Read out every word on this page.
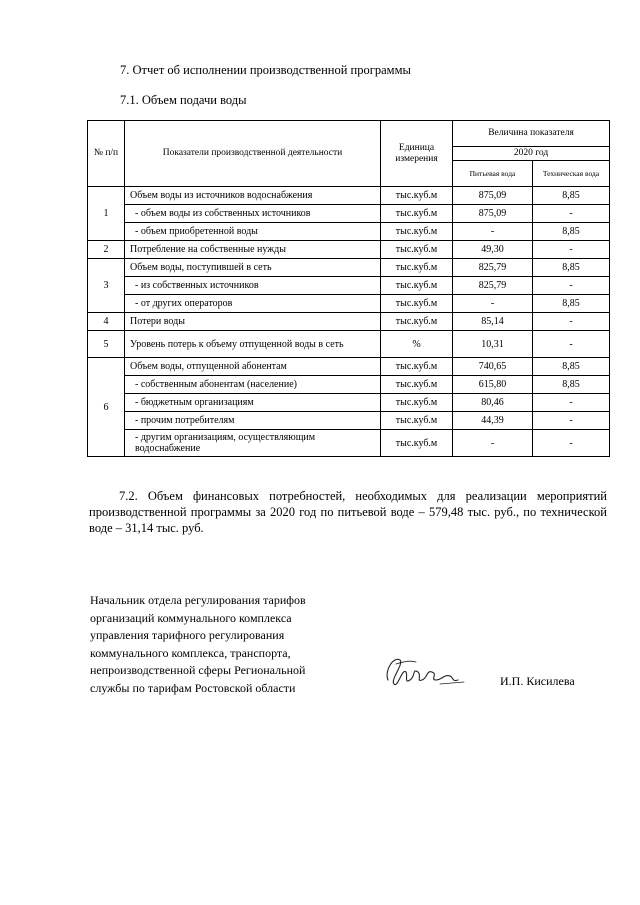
7. Отчет об исполнении производственной программы
7.1. Объем подачи воды
№ п/п	Показатели производственной деятельности	Единица измерения	Величина показателя	
			2020 год	
			Питьевая вода	Техническая вода
1	Объем воды из источников водоснабжения	тыс.куб.м	875,09	8,85
	- объем воды из собственных источников	тыс.куб.м	875,09	-
	- объем приобретенной воды	тыс.куб.м	-	8,85
2	Потребление на собственные нужды	тыс.куб.м	49,30	-
3	Объем воды, поступившей в сеть	тыс.куб.м	825,79	8,85
	- из собственных источников	тыс.куб.м	825,79	-
	- от других операторов	тыс.куб.м	-	8,85
4	Потери воды	тыс.куб.м	85,14	-
5	Уровень потерь к объему отпущенной воды в сеть	%	10,31	-
6	Объем воды, отпущенной абонентам	тыс.куб.м	740,65	8,85
	- собственным абонентам (население)	тыс.куб.м	615,80	8,85
	- бюджетным организациям	тыс.куб.м	80,46	-
	- прочим потребителям	тыс.куб.м	44,39	-
	- другим организациям, осуществляющим водоснабжение	тыс.куб.м	-	-
7.2. Объем финансовых потребностей, необходимых для реализации мероприятий производственной программы за 2020 год по питьевой воде – 579,48 тыс. руб., по технической воде – 31,14 тыс. руб.
Начальник отдела регулирования тарифов
организаций коммунального комплекса
управления тарифного регулирования
коммунального комплекса, транспорта,
непроизводственной сферы Региональной
службы по тарифам Ростовской области	И.П. Кисилева
